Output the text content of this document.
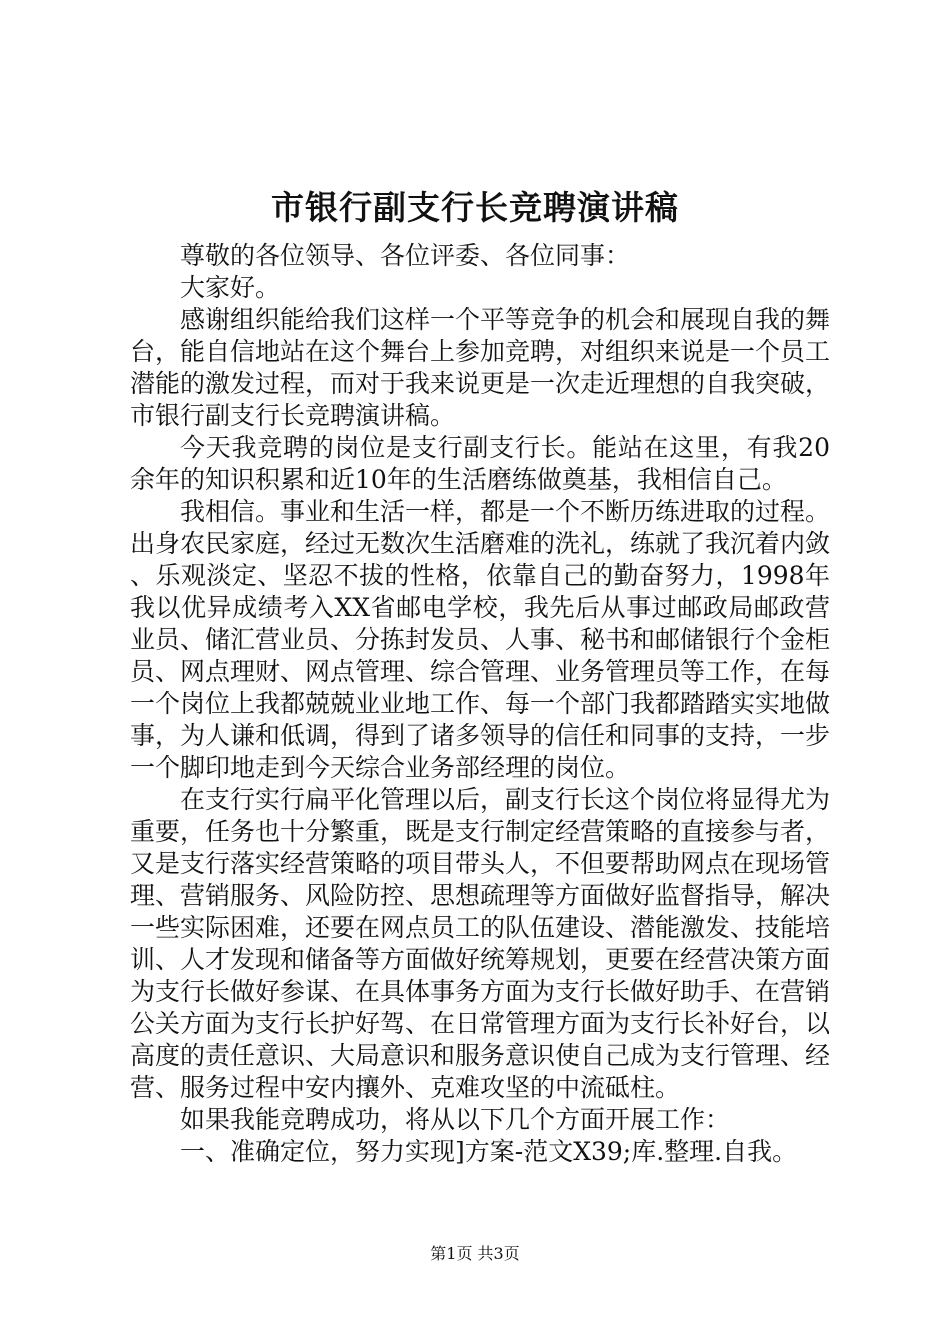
市银行副支行长竞聘演讲稿

尊敬的各位领导、各位评委、各位同事：

大家好。

感谢组织能给我们这样一个平等竞争的机会和展现自我的舞台，能自信地站在这个舞台上参加竞聘，对组织来说是一个员工潜能的激发过程，而对于我来说更是一次走近理想的自我突破，市银行副支行长竞聘演讲稿。

今天我竞聘的岗位是支行副支行长。能站在这里，有我20余年的知识积累和近10年的生活磨练做奠基，我相信自己。

我相信。事业和生活一样，都是一个不断历练进取的过程。出身农民家庭，经过无数次生活磨难的洗礼，练就了我沉着内敛、乐观淡定、坚忍不拔的性格，依靠自己的勤奋努力，1998年我以优异成绩考入XX省邮电学校，我先后从事过邮政局邮政营业员、储汇营业员、分拣封发员、人事、秘书和邮储银行个金柜员、网点理财、网点管理、综合管理、业务管理员等工作，在每一个岗位上我都兢兢业业地工作、每一个部门我都踏踏实实地做事，为人谦和低调，得到了诸多领导的信任和同事的支持，一步一个脚印地走到今天综合业务部经理的岗位。

在支行实行扁平化管理以后，副支行长这个岗位将显得尤为重要，任务也十分繁重，既是支行制定经营策略的直接参与者，又是支行落实经营策略的项目带头人，不但要帮助网点在现场管理、营销服务、风险防控、思想疏理等方面做好监督指导，解决一些实际困难，还要在网点员工的队伍建设、潜能激发、技能培训、人才发现和储备等方面做好统筹规划，更要在经营决策方面为支行长做好参谋、在具体事务方面为支行长做好助手、在营销公关方面为支行长护好驾、在日常管理方面为支行长补好台，以高度的责任意识、大局意识和服务意识使自己成为支行管理、经营、服务过程中安内攘外、克难攻坚的中流砥柱。

如果我能竞聘成功，将从以下几个方面开展工作：

一、准确定位，努力实现]方案-范文X39;库.整理.自我。

第1页 共3页
